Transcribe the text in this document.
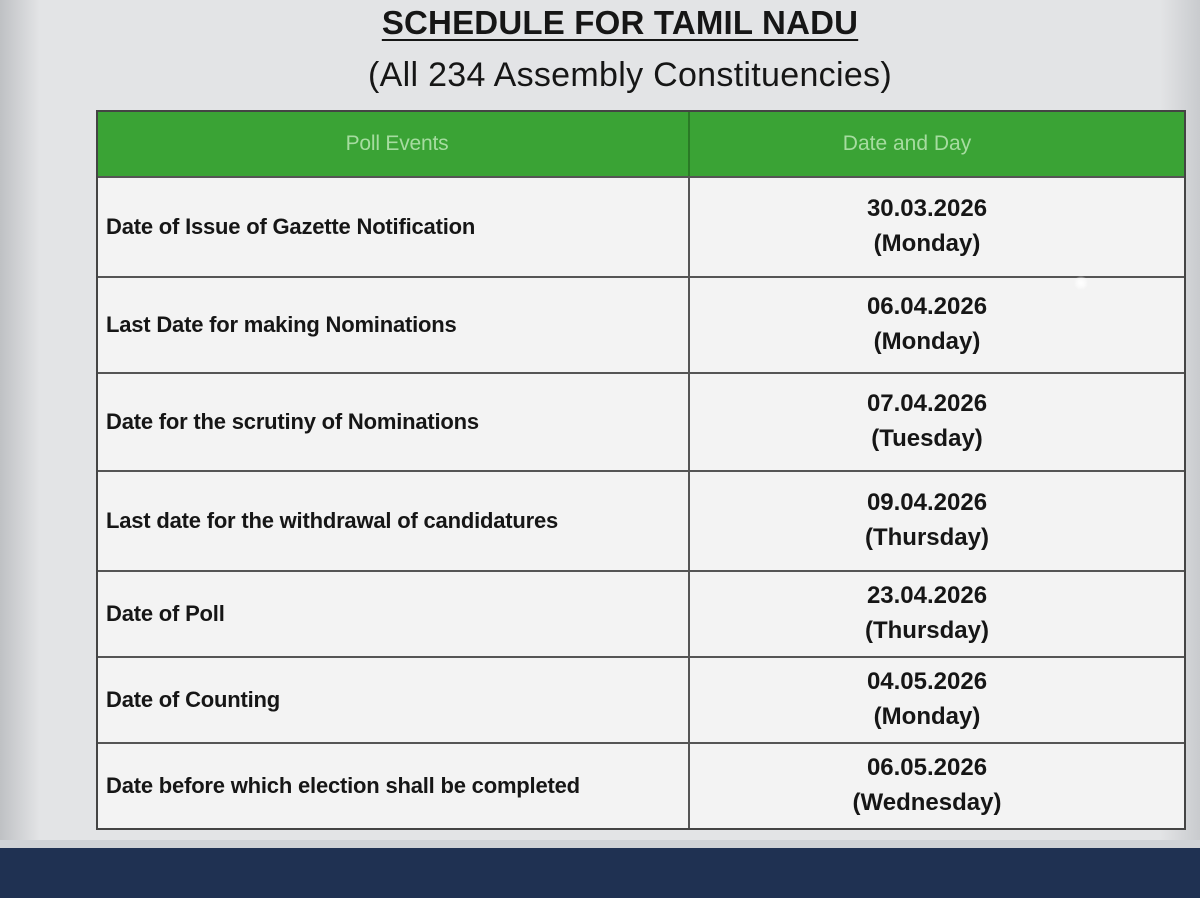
SCHEDULE FOR TAMIL NADU
(All 234 Assembly Constituencies)
Poll Events	Date and Day
Date of Issue of Gazette Notification
30.03.2026
(Monday)
Last Date for making Nominations
06.04.2026
(Monday)
Date for the scrutiny of Nominations
07.04.2026
(Tuesday)
Last date for the withdrawal of candidatures
09.04.2026
(Thursday)
Date of Poll
23.04.2026
(Thursday)
Date of Counting
04.05.2026
(Monday)
Date before which election shall be completed
06.05.2026
(Wednesday)
